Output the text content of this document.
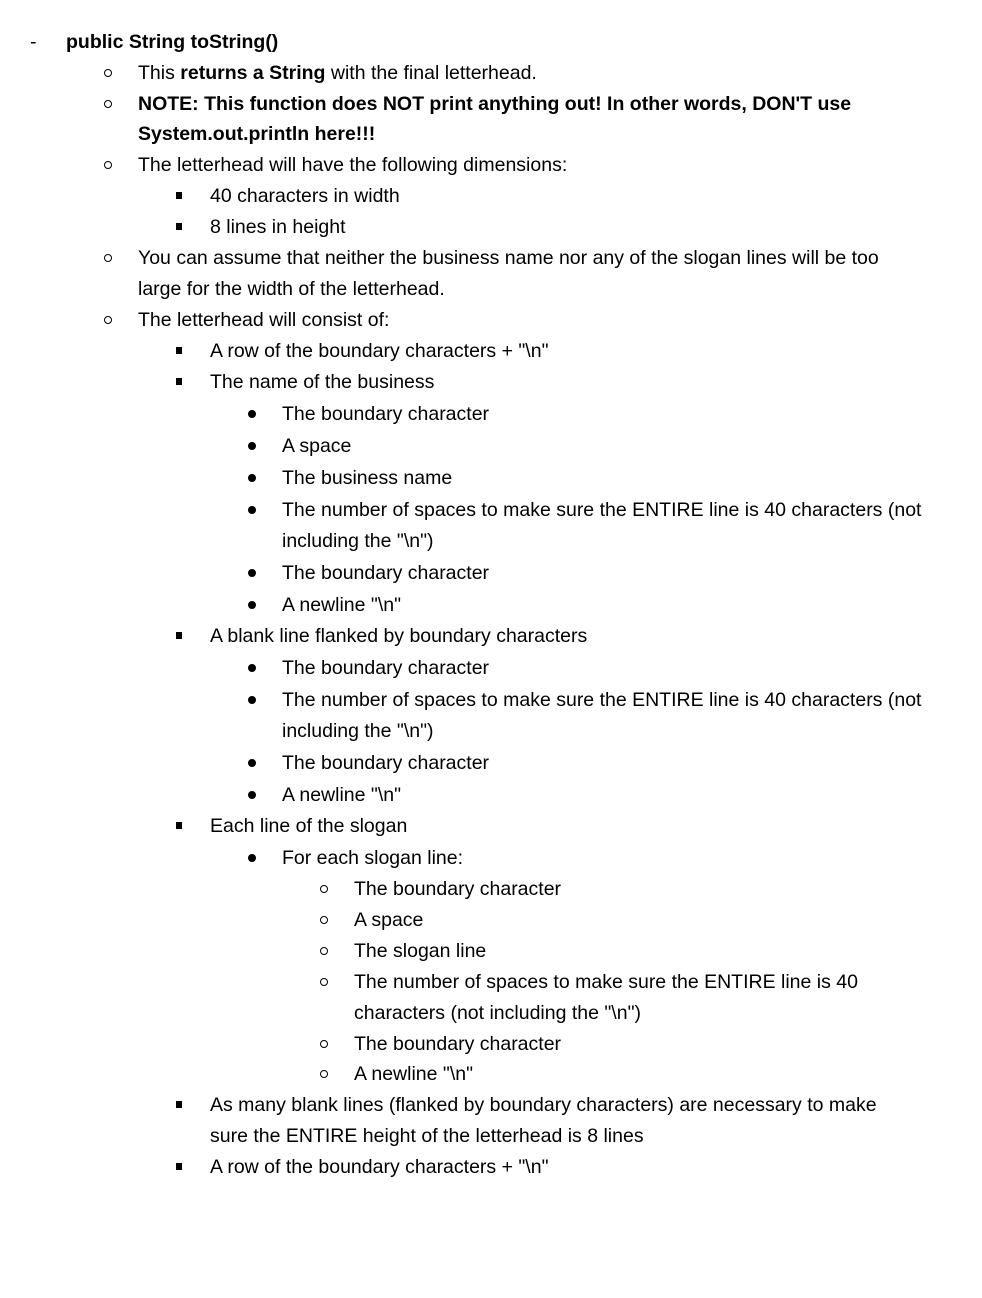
- public String toString()
This returns a String with the final letterhead.
NOTE: This function does NOT print anything out! In other words, DON'T use
System.out.println here!!!
The letterhead will have the following dimensions:
40 characters in width
8 lines in height
You can assume that neither the business name nor any of the slogan lines will be too
large for the width of the letterhead.
The letterhead will consist of:
A row of the boundary characters + "\n"
The name of the business
The boundary character
A space
The business name
The number of spaces to make sure the ENTIRE line is 40 characters (not
including the "\n")
The boundary character
A newline "\n"
A blank line flanked by boundary characters
The boundary character
The number of spaces to make sure the ENTIRE line is 40 characters (not
including the "\n")
The boundary character
A newline "\n"
Each line of the slogan
For each slogan line:
The boundary character
A space
The slogan line
The number of spaces to make sure the ENTIRE line is 40
characters (not including the "\n")
The boundary character
A newline "\n"
As many blank lines (flanked by boundary characters) are necessary to make
sure the ENTIRE height of the letterhead is 8 lines
A row of the boundary characters + "\n"
